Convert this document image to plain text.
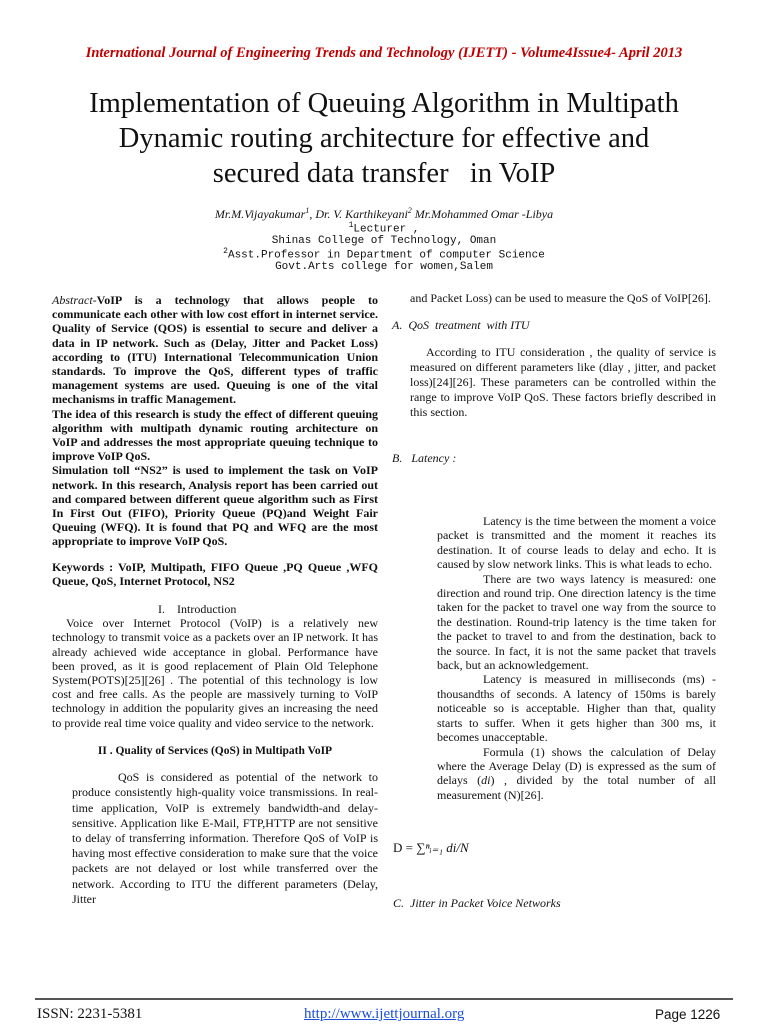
International Journal of Engineering Trends and Technology (IJETT) - Volume4Issue4- April 2013
Implementation of Queuing Algorithm in Multipath
Dynamic routing architecture for effective and
secured data transfer   in VoIP
Mr.M.Vijayakumar$^1$, Dr. V. Karthikeyani$^2$ Mr.Mohammed Omar -Libya
$^1$Lecturer ,
Shinas College of Technology, Oman
$^2$Asst.Professor in Department of computer Science
Govt.Arts college for women,Salem

Abstract-VoIP is a technology that allows people to communicate each other with low cost effort in internet service. Quality of Service (QOS) is essential to secure and deliver a data in IP network. Such as (Delay, Jitter and Packet Loss) according to (ITU) International Telecommunication Union standards. To improve the QoS, different types of traffic management systems are used. Queuing is one of the vital mechanisms in traffic Management.

The idea of this research is study the effect of different queuing algorithm with multipath dynamic routing architecture on VoIP and addresses the most appropriate queuing technique to improve VoIP QoS.

Simulation toll “NS2” is used to implement the task on VoIP network. In this research, Analysis report has been carried out and compared between different queue algorithm such as First In First Out (FIFO), Priority Queue (PQ)and Weight Fair Queuing (WFQ). It is found that PQ and WFQ are the most appropriate to improve VoIP QoS.

Keywords : VoIP, Multipath, FIFO Queue ,PQ Queue ,WFQ Queue, QoS, Internet Protocol, NS2

I.    Introduction

Voice over Internet Protocol (VoIP) is a relatively new technology to transmit voice as a packets over an IP network. It has already achieved wide acceptance in global. Performance have been proved, as it is good replacement of Plain Old Telephone System(POTS)[25][26] . The potential of this technology is low cost and free calls. As the people are massively turning to VoIP technology in addition the popularity gives an increasing the need to provide real time voice quality and video service to the network.

II . Quality of Services (QoS) in Multipath VoIP

QoS is considered as potential of the network to produce consistently high-quality voice transmissions. In real-time application, VoIP is extremely bandwidth-and delay-sensitive. Application like E-Mail, FTP,HTTP are not sensitive to delay of transferring information. Therefore QoS of VoIP is having most effective consideration to make sure that the voice packets are not delayed or lost while transferred over the network. According to ITU the different parameters (Delay, Jitter

and Packet Loss) can be used to measure the QoS of VoIP[26].

A.  QoS  treatment  with ITU

According to ITU consideration , the quality of service is measured on different parameters like (dlay , jitter, and packet loss)[24][26]. These parameters can be controlled within the range to improve VoIP QoS. These factors briefly described in this section.

B.   Latency :

Latency is the time between the moment a voice packet is transmitted and the moment it reaches its destination. It of course leads to delay and echo. It is caused by slow network links. This is what leads to echo.

There are two ways latency is measured: one direction and round trip. One direction latency is the time taken for the packet to travel one way from the source to the destination. Round-trip latency is the time taken for the packet to travel to and from the destination, back to the source. In fact, it is not the same packet that travels back, but an acknowledgement.

Latency is measured in milliseconds (ms) - thousandths of seconds. A latency of 150ms is barely noticeable so is acceptable. Higher than that, quality starts to suffer. When it gets higher than 300 ms, it becomes unacceptable.

Formula (1) shows the calculation of Delay where the Average Delay (D) is expressed as the sum of delays (di) , divided by the total number of all measurement (N)[26].

D = ∑ⁿᵢ₌₁ di/N
C.  Jitter in Packet Voice Networks
ISSN: 2231-5381	http://www.ijettjournal.org	Page 1226
